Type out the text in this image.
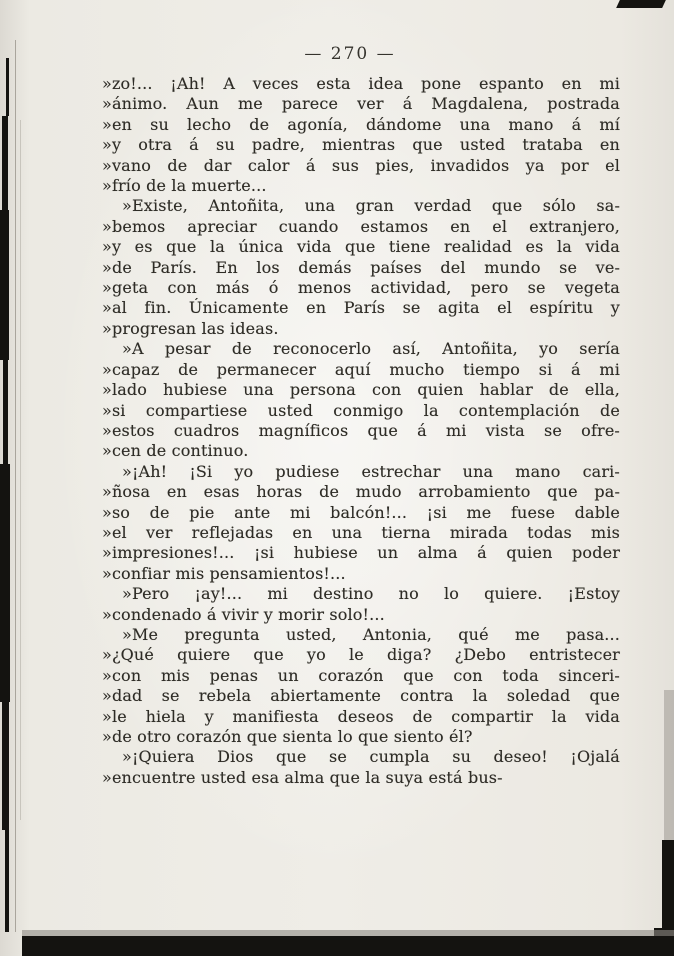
— 270 —
»zo!... ¡Ah! A veces esta idea pone espanto en mi
»ánimo. Aun me parece ver á Magdalena, postrada
»en su lecho de agonía, dándome una mano á mí
»y otra á su padre, mientras que usted trataba en
»vano de dar calor á sus pies, invadidos ya por el
»frío de la muerte...
»Existe, Antoñita, una gran verdad que sólo sa-
»bemos apreciar cuando estamos en el extranjero,
»y es que la única vida que tiene realidad es la vida
»de París. En los demás países del mundo se ve-
»geta con más ó menos actividad, pero se vegeta
»al fin. Únicamente en París se agita el espíritu y
»progresan las ideas.
»A pesar de reconocerlo así, Antoñita, yo sería
»capaz de permanecer aquí mucho tiempo si á mi
»lado hubiese una persona con quien hablar de ella,
»si compartiese usted conmigo la contemplación de
»estos cuadros magníficos que á mi vista se ofre-
»cen de continuo.
»¡Ah! ¡Si yo pudiese estrechar una mano cari-
»ñosa en esas horas de mudo arrobamiento que pa-
»so de pie ante mi balcón!... ¡si me fuese dable
»el ver reflejadas en una tierna mirada todas mis
»impresiones!... ¡si hubiese un alma á quien poder
»confiar mis pensamientos!...
»Pero ¡ay!... mi destino no lo quiere. ¡Estoy
»condenado á vivir y morir solo!...
»Me pregunta usted, Antonia, qué me pasa...
»¿Qué quiere que yo le diga? ¿Debo entristecer
»con mis penas un corazón que con toda sinceri-
»dad se rebela abiertamente contra la soledad que
»le hiela y manifiesta deseos de compartir la vida
»de otro corazón que sienta lo que siento él?
»¡Quiera Dios que se cumpla su deseo! ¡Ojalá
»encuentre usted esa alma que la suya está bus-
